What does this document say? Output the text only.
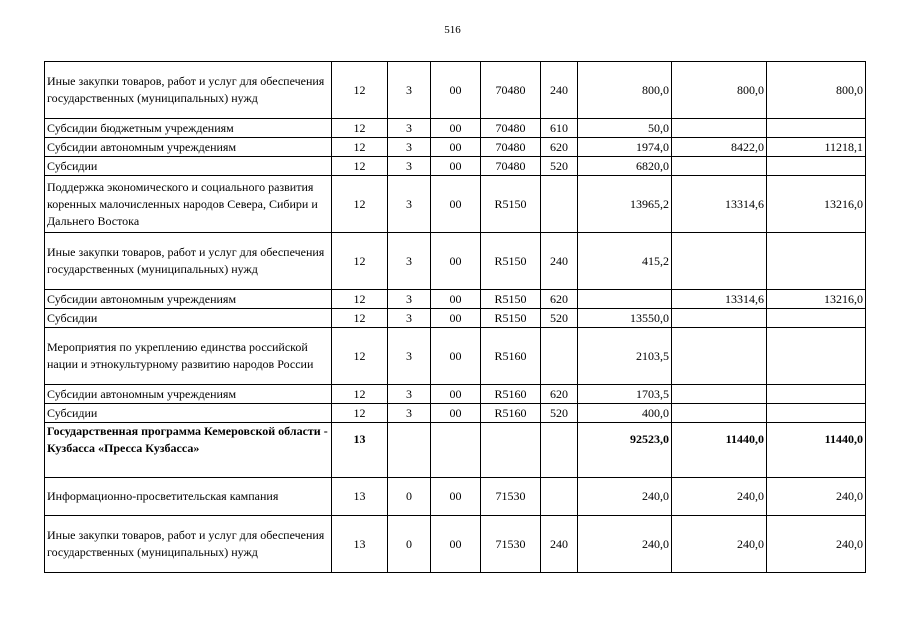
516
Иные закупки товаров, работ и услуг для обеспечения государственных (муниципальных) нужд	12	3	00	70480	240	800,0	800,0	800,0
Субсидии бюджетным учреждениям	12	3	00	70480	610	50,0		
Субсидии автономным учреждениям	12	3	00	70480	620	1974,0	8422,0	11218,1
Субсидии	12	3	00	70480	520	6820,0		
Поддержка экономического и социального развития коренных малочисленных народов Севера, Сибири и Дальнего Востока	12	3	00	R5150		13965,2	13314,6	13216,0
Иные закупки товаров, работ и услуг для обеспечения государственных (муниципальных) нужд	12	3	00	R5150	240	415,2		
Субсидии автономным учреждениям	12	3	00	R5150	620		13314,6	13216,0
Субсидии	12	3	00	R5150	520	13550,0		
Мероприятия по укреплению единства российской нации и этнокультурному развитию народов России	12	3	00	R5160		2103,5		
Субсидии автономным учреждениям	12	3	00	R5160	620	1703,5		
Субсидии	12	3	00	R5160	520	400,0		
Государственная программа Кемеровской области - Кузбасса «Пресса Кузбасса»	13					92523,0	11440,0	11440,0
Информационно-просветительская кампания	13	0	00	71530		240,0	240,0	240,0
Иные закупки товаров, работ и услуг для обеспечения государственных (муниципальных) нужд	13	0	00	71530	240	240,0	240,0	240,0
